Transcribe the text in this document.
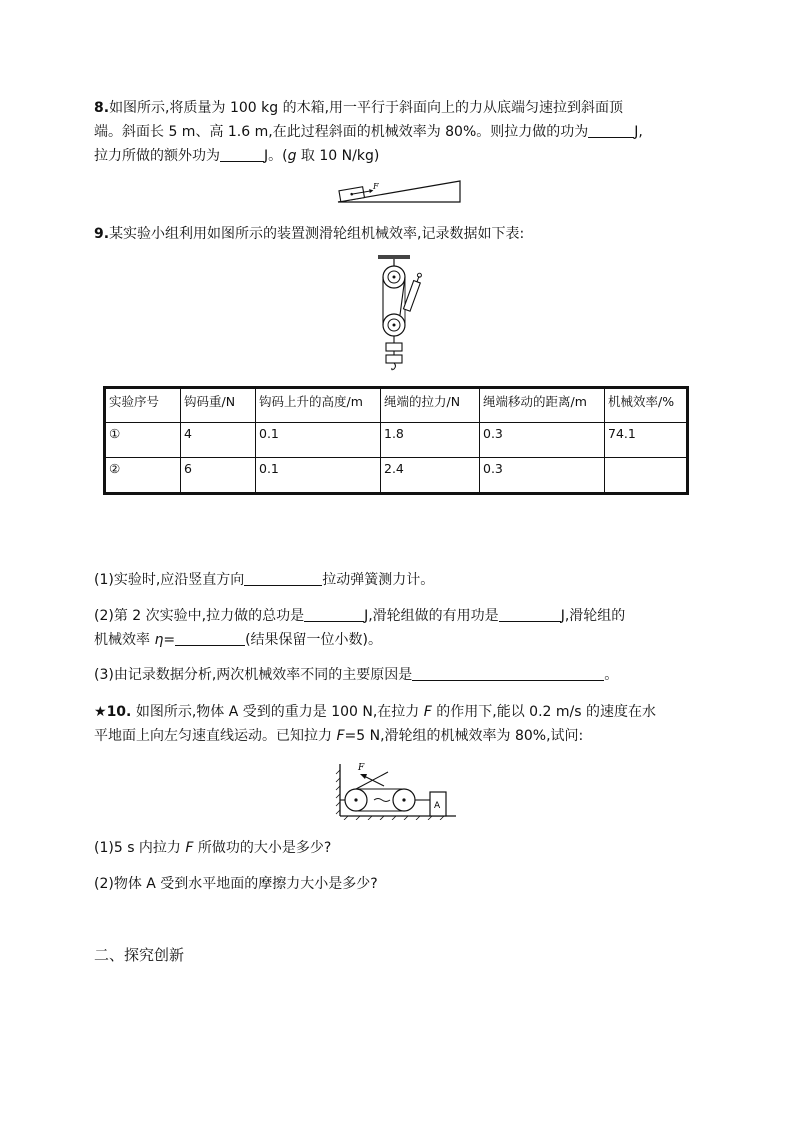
8.如图所示,将质量为 100 kg 的木箱,用一平行于斜面向上的力从底端匀速拉到斜面顶
端。斜面长 5 m、高 1.6 m,在此过程斜面的机械效率为 80%。则拉力做的功为	J,
拉力所做的额外功为	J。(g 取 10 N/kg)
F
9.某实验小组利用如图所示的装置测滑轮组机械效率,记录数据如下表:
实验序号	钩码重/N	钩码上升的高度/m	绳端的拉力/N	绳端移动的距离/m	机械效率/%
①	4	0.1	1.8	0.3	74.1
②	6	0.1	2.4	0.3	
(1)实验时,应沿竖直方向	拉动弹簧测力计。
(2)第 2 次实验中,拉力做的总功是	J,滑轮组做的有用功是	J,滑轮组的
机械效率 η=	(结果保留一位小数)。
(3)由记录数据分析,两次机械效率不同的主要原因是	。
★10. 如图所示,物体 A 受到的重力是 100 N,在拉力 F 的作用下,能以 0.2 m/s 的速度在水
平地面上向左匀速直线运动。已知拉力 F=5 N,滑轮组的机械效率为 80%,试问:
A
F
(1)5 s 内拉力 F 所做功的大小是多少?
(2)物体 A 受到水平地面的摩擦力大小是多少?
二、探究创新
